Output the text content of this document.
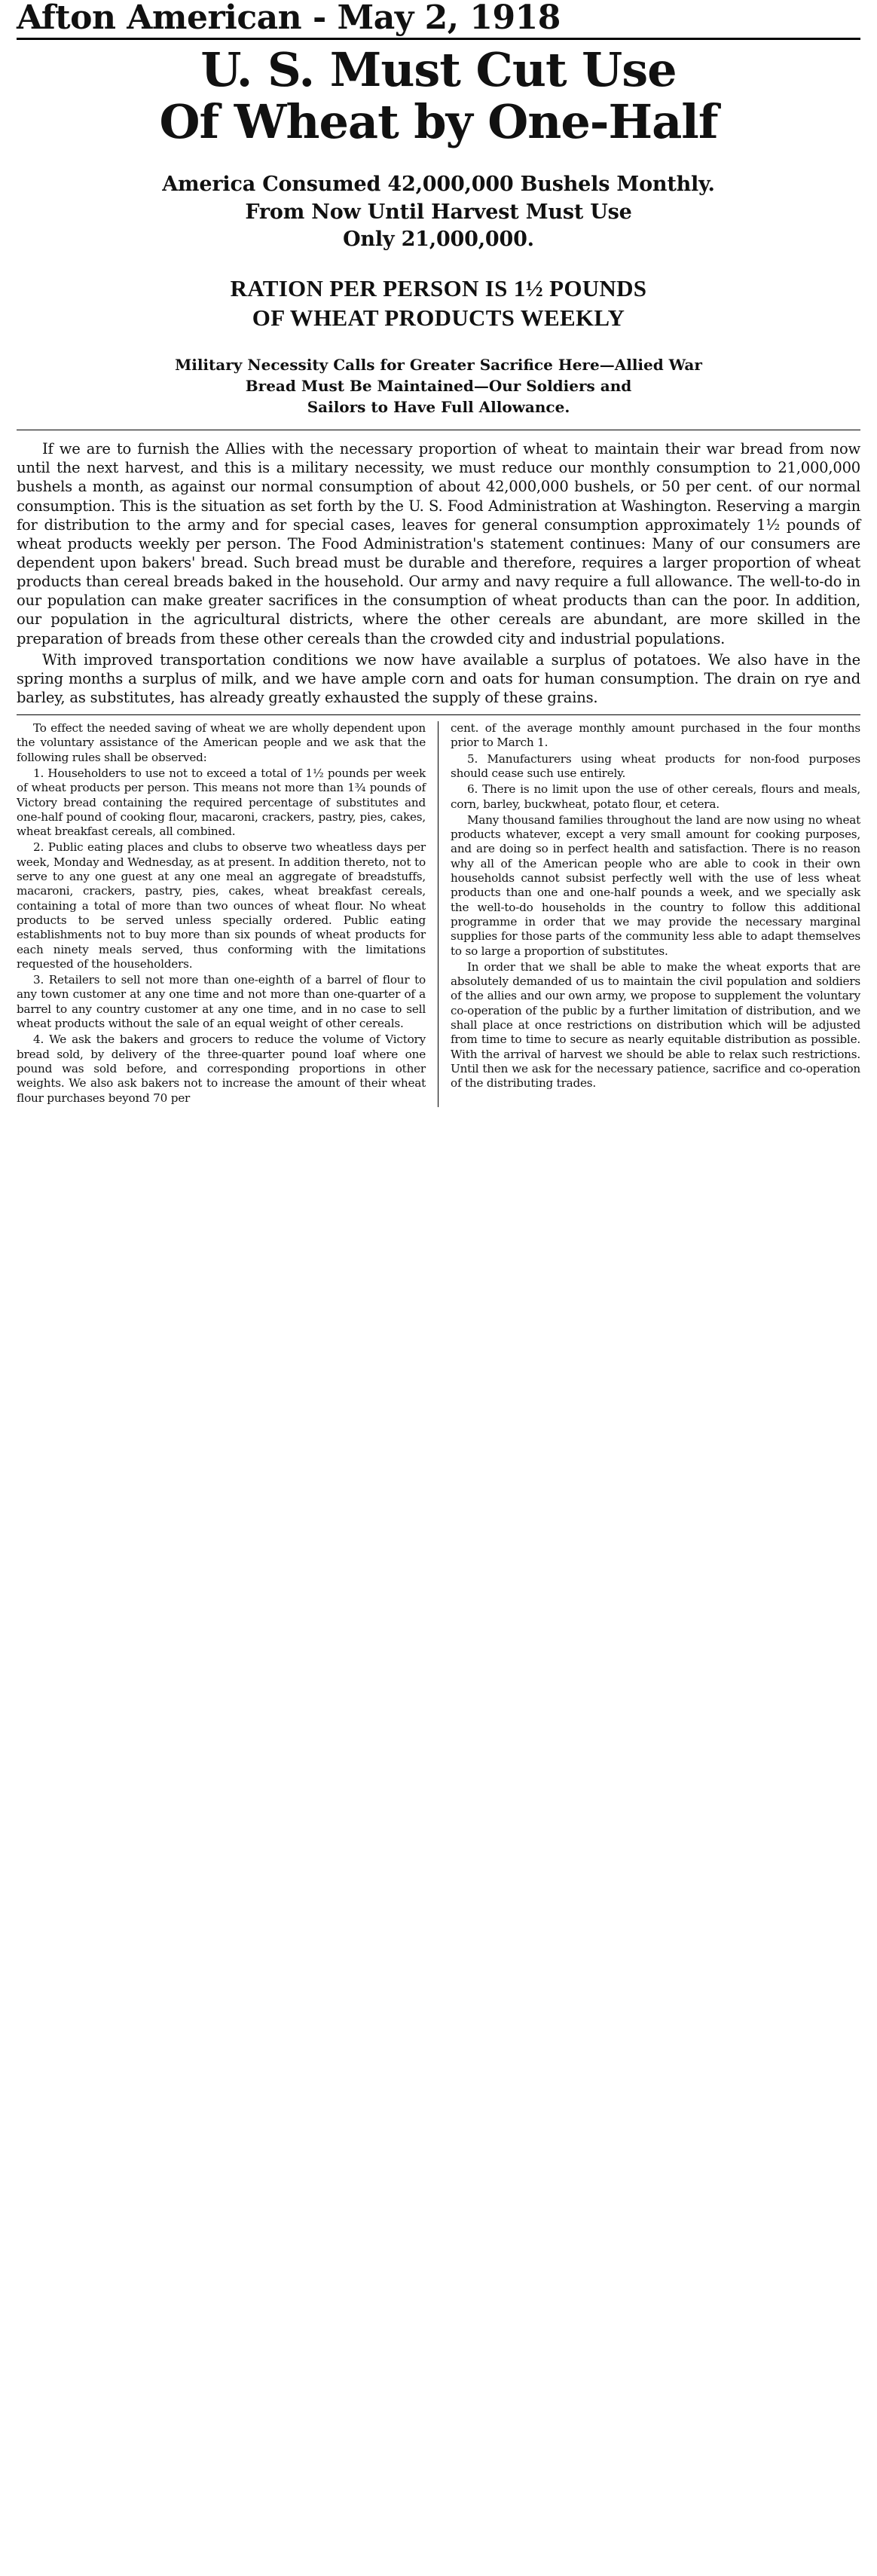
Afton American - May 2, 1918
U. S. Must Cut Use
Of Wheat by One-Half
America Consumed 42,000,000 Bushels Monthly.
From Now Until Harvest Must Use
Only 21,000,000.
RATION PER PERSON IS 1½ POUNDS
OF WHEAT PRODUCTS WEEKLY
Military Necessity Calls for Greater Sacrifice Here—Allied War
Bread Must Be Maintained—Our Soldiers and
Sailors to Have Full Allowance.

If we are to furnish the Allies with the necessary proportion of wheat to maintain their war bread from now until the next harvest, and this is a military necessity, we must reduce our monthly consumption to 21,000,000 bushels a month, as against our normal consumption of about 42,000,000 bushels, or 50 per cent. of our normal consumption. This is the situation as set forth by the U. S. Food Administration at Washington. Reserving a margin for distribution to the army and for special cases, leaves for general consumption approximately 1½ pounds of wheat products weekly per person. The Food Administration's statement continues: Many of our consumers are dependent upon bakers' bread. Such bread must be durable and therefore, requires a larger proportion of wheat products than cereal breads baked in the household. Our army and navy require a full allowance. The well-to-do in our population can make greater sacrifices in the consumption of wheat products than can the poor. In addition, our population in the agricultural districts, where the other cereals are abundant, are more skilled in the preparation of breads from these other cereals than the crowded city and industrial populations.

With improved transportation conditions we now have available a surplus of potatoes. We also have in the spring months a surplus of milk, and we have ample corn and oats for human consumption. The drain on rye and barley, as substitutes, has already greatly exhausted the supply of these grains.

To effect the needed saving of wheat we are wholly dependent upon the voluntary assistance of the American people and we ask that the following rules shall be observed:

1. Householders to use not to exceed a total of 1½ pounds per week of wheat products per person. This means not more than 1¾ pounds of Victory bread containing the required percentage of substitutes and one-half pound of cooking flour, macaroni, crackers, pastry, pies, cakes, wheat breakfast cereals, all combined.

2. Public eating places and clubs to observe two wheatless days per week, Monday and Wednesday, as at present. In addition thereto, not to serve to any one guest at any one meal an aggregate of breadstuffs, macaroni, crackers, pastry, pies, cakes, wheat breakfast cereals, containing a total of more than two ounces of wheat flour. No wheat products to be served unless specially ordered. Public eating establishments not to buy more than six pounds of wheat products for each ninety meals served, thus conforming with the limitations requested of the householders.

3. Retailers to sell not more than one-eighth of a barrel of flour to any town customer at any one time and not more than one-quarter of a barrel to any country customer at any one time, and in no case to sell wheat products without the sale of an equal weight of other cereals.

4. We ask the bakers and grocers to reduce the volume of Victory bread sold, by delivery of the three-quarter pound loaf where one pound was sold before, and corresponding proportions in other weights. We also ask bakers not to increase the amount of their wheat flour purchases beyond 70 per

cent. of the average monthly amount purchased in the four months prior to March 1.

5. Manufacturers using wheat products for non-food purposes should cease such use entirely.

6. There is no limit upon the use of other cereals, flours and meals, corn, barley, buckwheat, potato flour, et cetera.

Many thousand families throughout the land are now using no wheat products whatever, except a very small amount for cooking purposes, and are doing so in perfect health and satisfaction. There is no reason why all of the American people who are able to cook in their own households cannot subsist perfectly well with the use of less wheat products than one and one-half pounds a week, and we specially ask the well-to-do households in the country to follow this additional programme in order that we may provide the necessary marginal supplies for those parts of the community less able to adapt themselves to so large a proportion of substitutes.

In order that we shall be able to make the wheat exports that are absolutely demanded of us to maintain the civil population and soldiers of the allies and our own army, we propose to supplement the voluntary co-operation of the public by a further limitation of distribution, and we shall place at once restrictions on distribution which will be adjusted from time to time to secure as nearly equitable distribution as possible. With the arrival of harvest we should be able to relax such restrictions. Until then we ask for the necessary patience, sacrifice and co-operation of the distributing trades.
